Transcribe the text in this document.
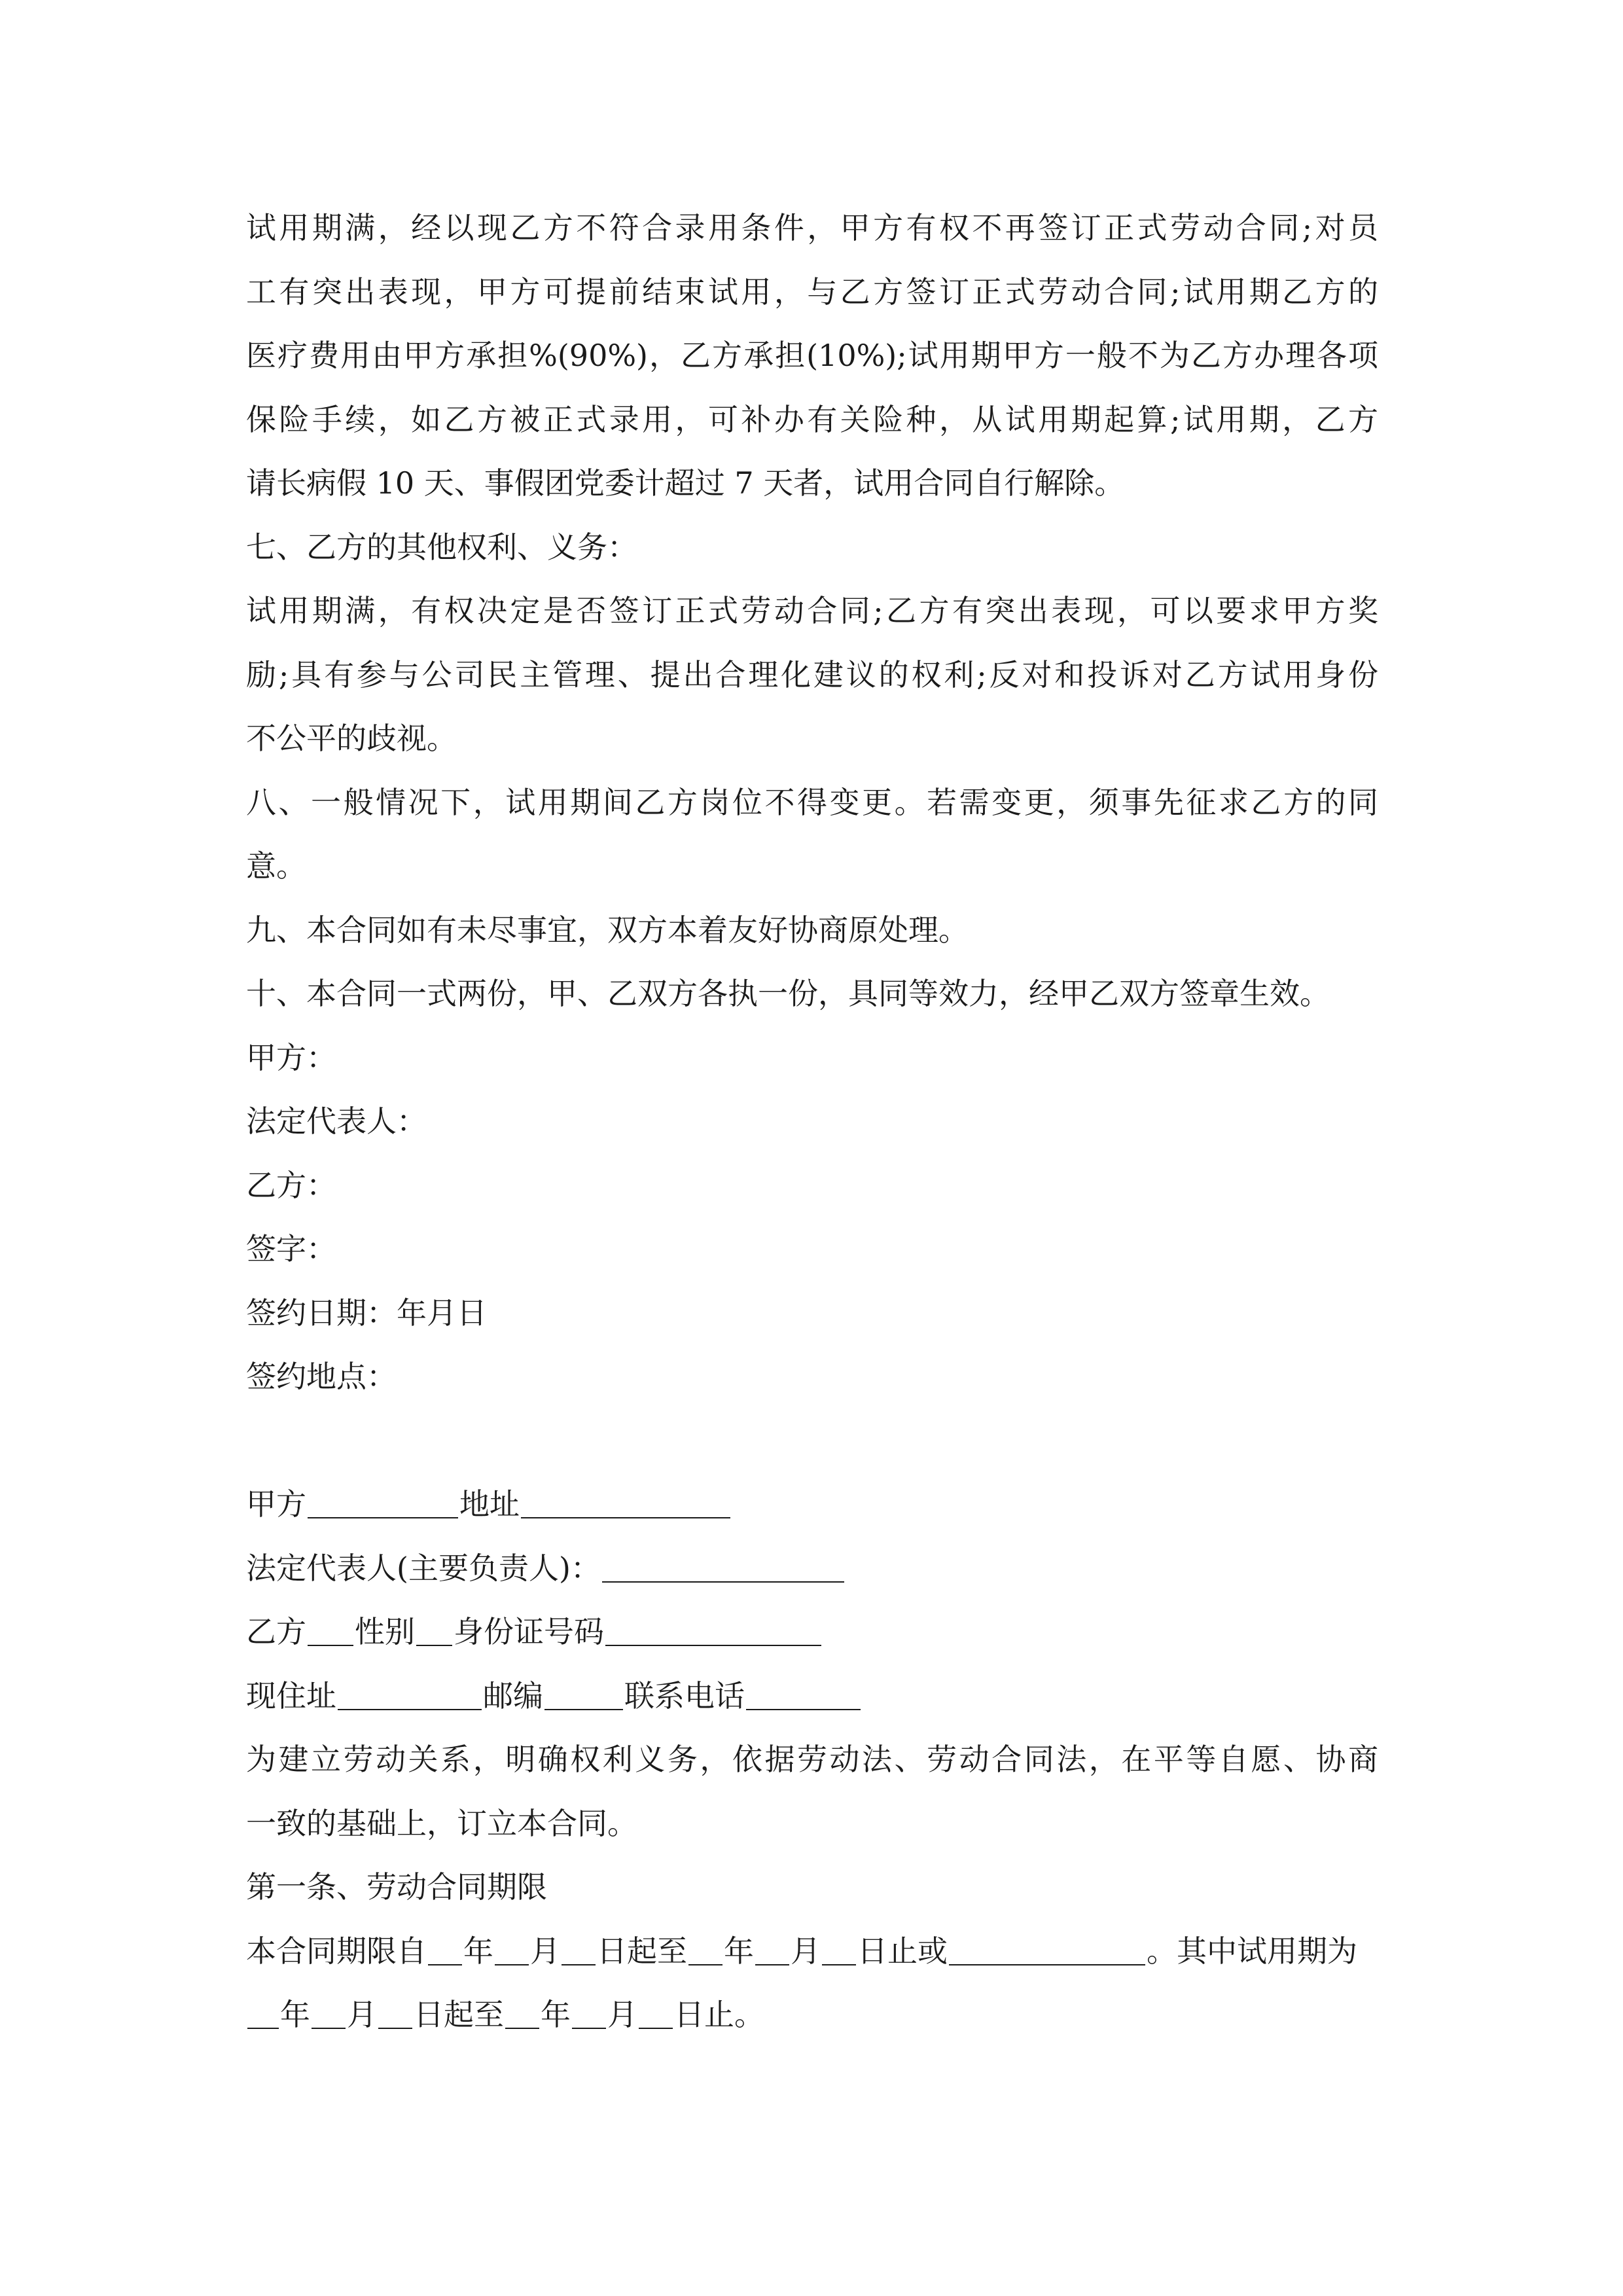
试用期满，经以现乙方不符合录用条件，甲方有权不再签订正式劳动合同;对员
工有突出表现，甲方可提前结束试用，与乙方签订正式劳动合同;试用期乙方的
医疗费用由甲方承担%(90%)，乙方承担(10%);试用期甲方一般不为乙方办理各项
保险手续，如乙方被正式录用，可补办有关险种，从试用期起算;试用期，乙方
请长病假 10 天、事假团党委计超过 7 天者，试用合同自行解除。

七、乙方的其他权利、义务：

试用期满，有权决定是否签订正式劳动合同;乙方有突出表现，可以要求甲方奖
励;具有参与公司民主管理、提出合理化建议的权利;反对和投诉对乙方试用身份
不公平的歧视。

八、一般情况下，试用期间乙方岗位不得变更。若需变更，须事先征求乙方的同
意。

九、本合同如有未尽事宜，双方本着友好协商原处理。

十、本合同一式两份，甲、乙双方各执一份，具同等效力，经甲乙双方签章生效。

甲方：

法定代表人：

乙方：

签字：

签约日期：年月日

签约地点：

甲方	地址

法定代表人(主要负责人)：

乙方 性别 身份证号码

现住址	邮编	联系电话

为建立劳动关系，明确权利义务，依据劳动法、劳动合同法，在平等自愿、协商
一致的基础上，订立本合同。

第一条、劳动合同期限

本合同期限自 年 月 日起至 年 月 日止或	。其中试用期为

年 月 日起至 年 月 日止。
